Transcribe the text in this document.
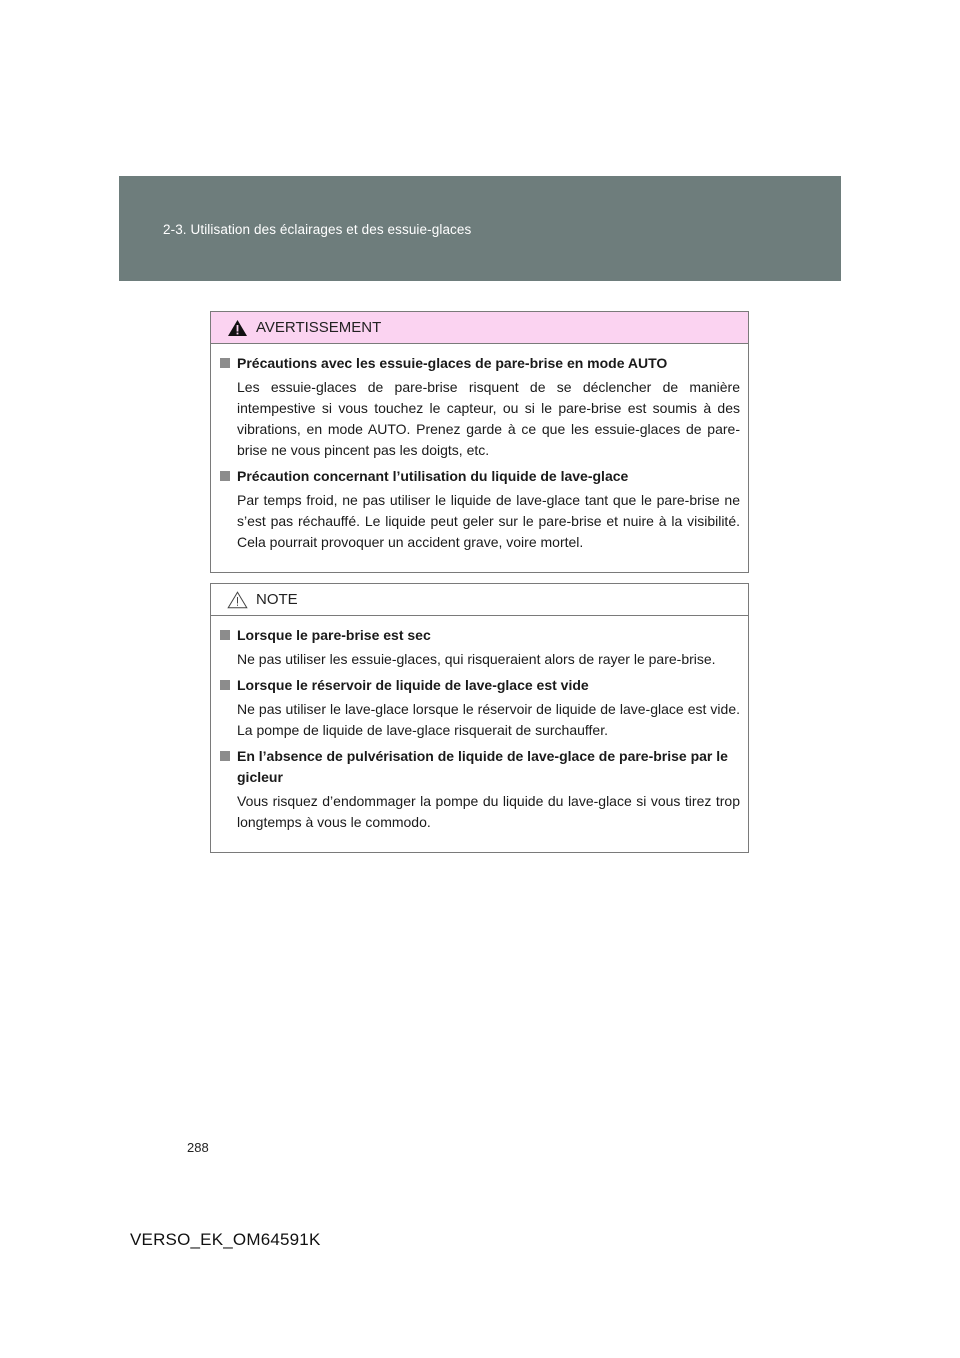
2-3. Utilisation des éclairages et des essuie-glaces
AVERTISSEMENT
Précautions avec les essuie-glaces de pare-brise en mode AUTO
Les essuie-glaces de pare-brise risquent de se déclencher de manière intempestive si vous touchez le capteur, ou si le pare-brise est soumis à des vibrations, en mode AUTO. Prenez garde à ce que les essuie-glaces de pare-brise ne vous pincent pas les doigts, etc.
Précaution concernant l’utilisation du liquide de lave-glace
Par temps froid, ne pas utiliser le liquide de lave-glace tant que le pare-brise ne s’est pas réchauffé. Le liquide peut geler sur le pare-brise et nuire à la visibilité. Cela pourrait provoquer un accident grave, voire mortel.
NOTE
Lorsque le pare-brise est sec
Ne pas utiliser les essuie-glaces, qui risqueraient alors de rayer le pare-brise.
Lorsque le réservoir de liquide de lave-glace est vide
Ne pas utiliser le lave-glace lorsque le réservoir de liquide de lave-glace est vide. La pompe de liquide de lave-glace risquerait de surchauffer.
En l’absence de pulvérisation de liquide de lave-glace de pare-brise par le gicleur
Vous risquez d’endommager la pompe du liquide du lave-glace si vous tirez trop longtemps à vous le commodo.
288
VERSO_EK_OM64591K
